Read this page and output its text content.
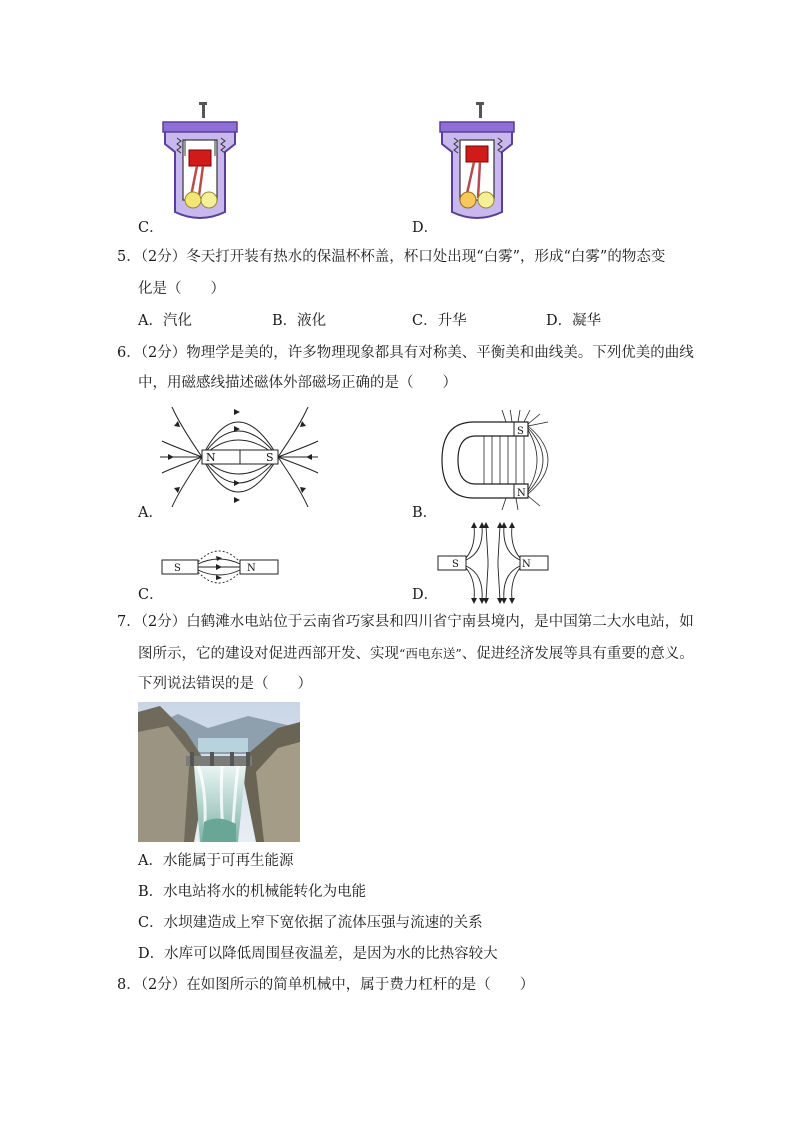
C．	D．
5．（2分）冬天打开装有热水的保温杯杯盖，杯口处出现“白雾”，形成“白雾”的物态变
化是（　　）
A．汽化	B．液化	C．升华	D．凝华
6．（2分）物理学是美的，许多物理现象都具有对称美、平衡美和曲线美。下列优美的曲线
中，用磁感线描述磁体外部磁场正确的是（　　）
N	S
A．
S
N
B．
S	N
C．
S	N
D．
7．（2分）白鹤滩水电站位于云南省巧家县和四川省宁南县境内，是中国第二大水电站，如
图所示，它的建设对促进西部开发、实现“西电东送”、促进经济发展等具有重要的意义。
下列说法错误的是（　　）
A．水能属于可再生能源
B．水电站将水的机械能转化为电能
C．水坝建造成上窄下宽依据了流体压强与流速的关系
D．水库可以降低周围昼夜温差，是因为水的比热容较大
8．（2分）在如图所示的简单机械中，属于费力杠杆的是（　　）
